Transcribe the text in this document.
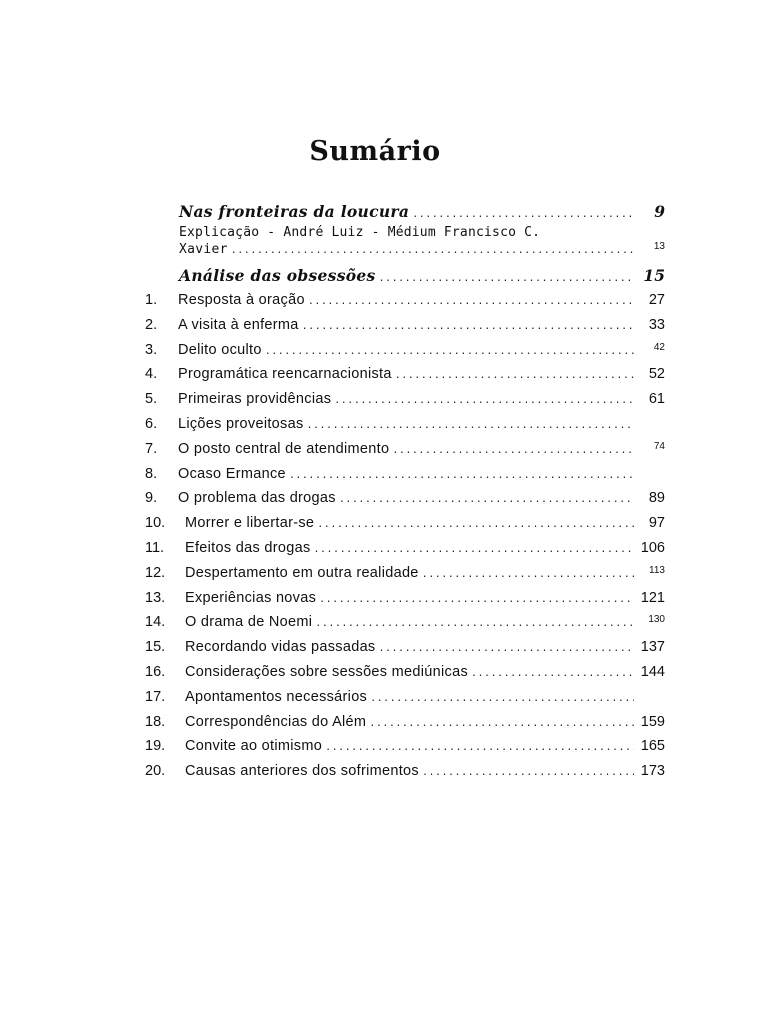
Sumário
Nas fronteiras da loucura .....	9
Explicação - André Luiz - Médium Francisco C.
Xavier .....	13
Análise das obsessões .....	15
1.	Resposta à oração .....	27
2.	A visita à enferma .....	33
3.	Delito oculto .....	42
4.	Programática reencarnacionista .....	52
5.	Primeiras providências .....	61
6.	Lições proveitosas
.....
7.	O posto central de atendimento .....	74
8.	Ocaso Ermance
.....
9.	O problema das drogas .....	89
10.	Morrer e libertar-se .....	97
11.	Efeitos das drogas .....	106
12.	Despertamento em outra realidade .....	113
13.	Experiências novas .....	121
14.	O drama de Noemi .....	130
15.	Recordando vidas passadas .....	137
16.	Considerações sobre sessões mediúnicas .....	144
17.	Apontamentos necessários
.....
18.	Correspondências do Além .....	159
19.	Convite ao otimismo .....	165
20.	Causas anteriores dos sofrimentos .....	173
